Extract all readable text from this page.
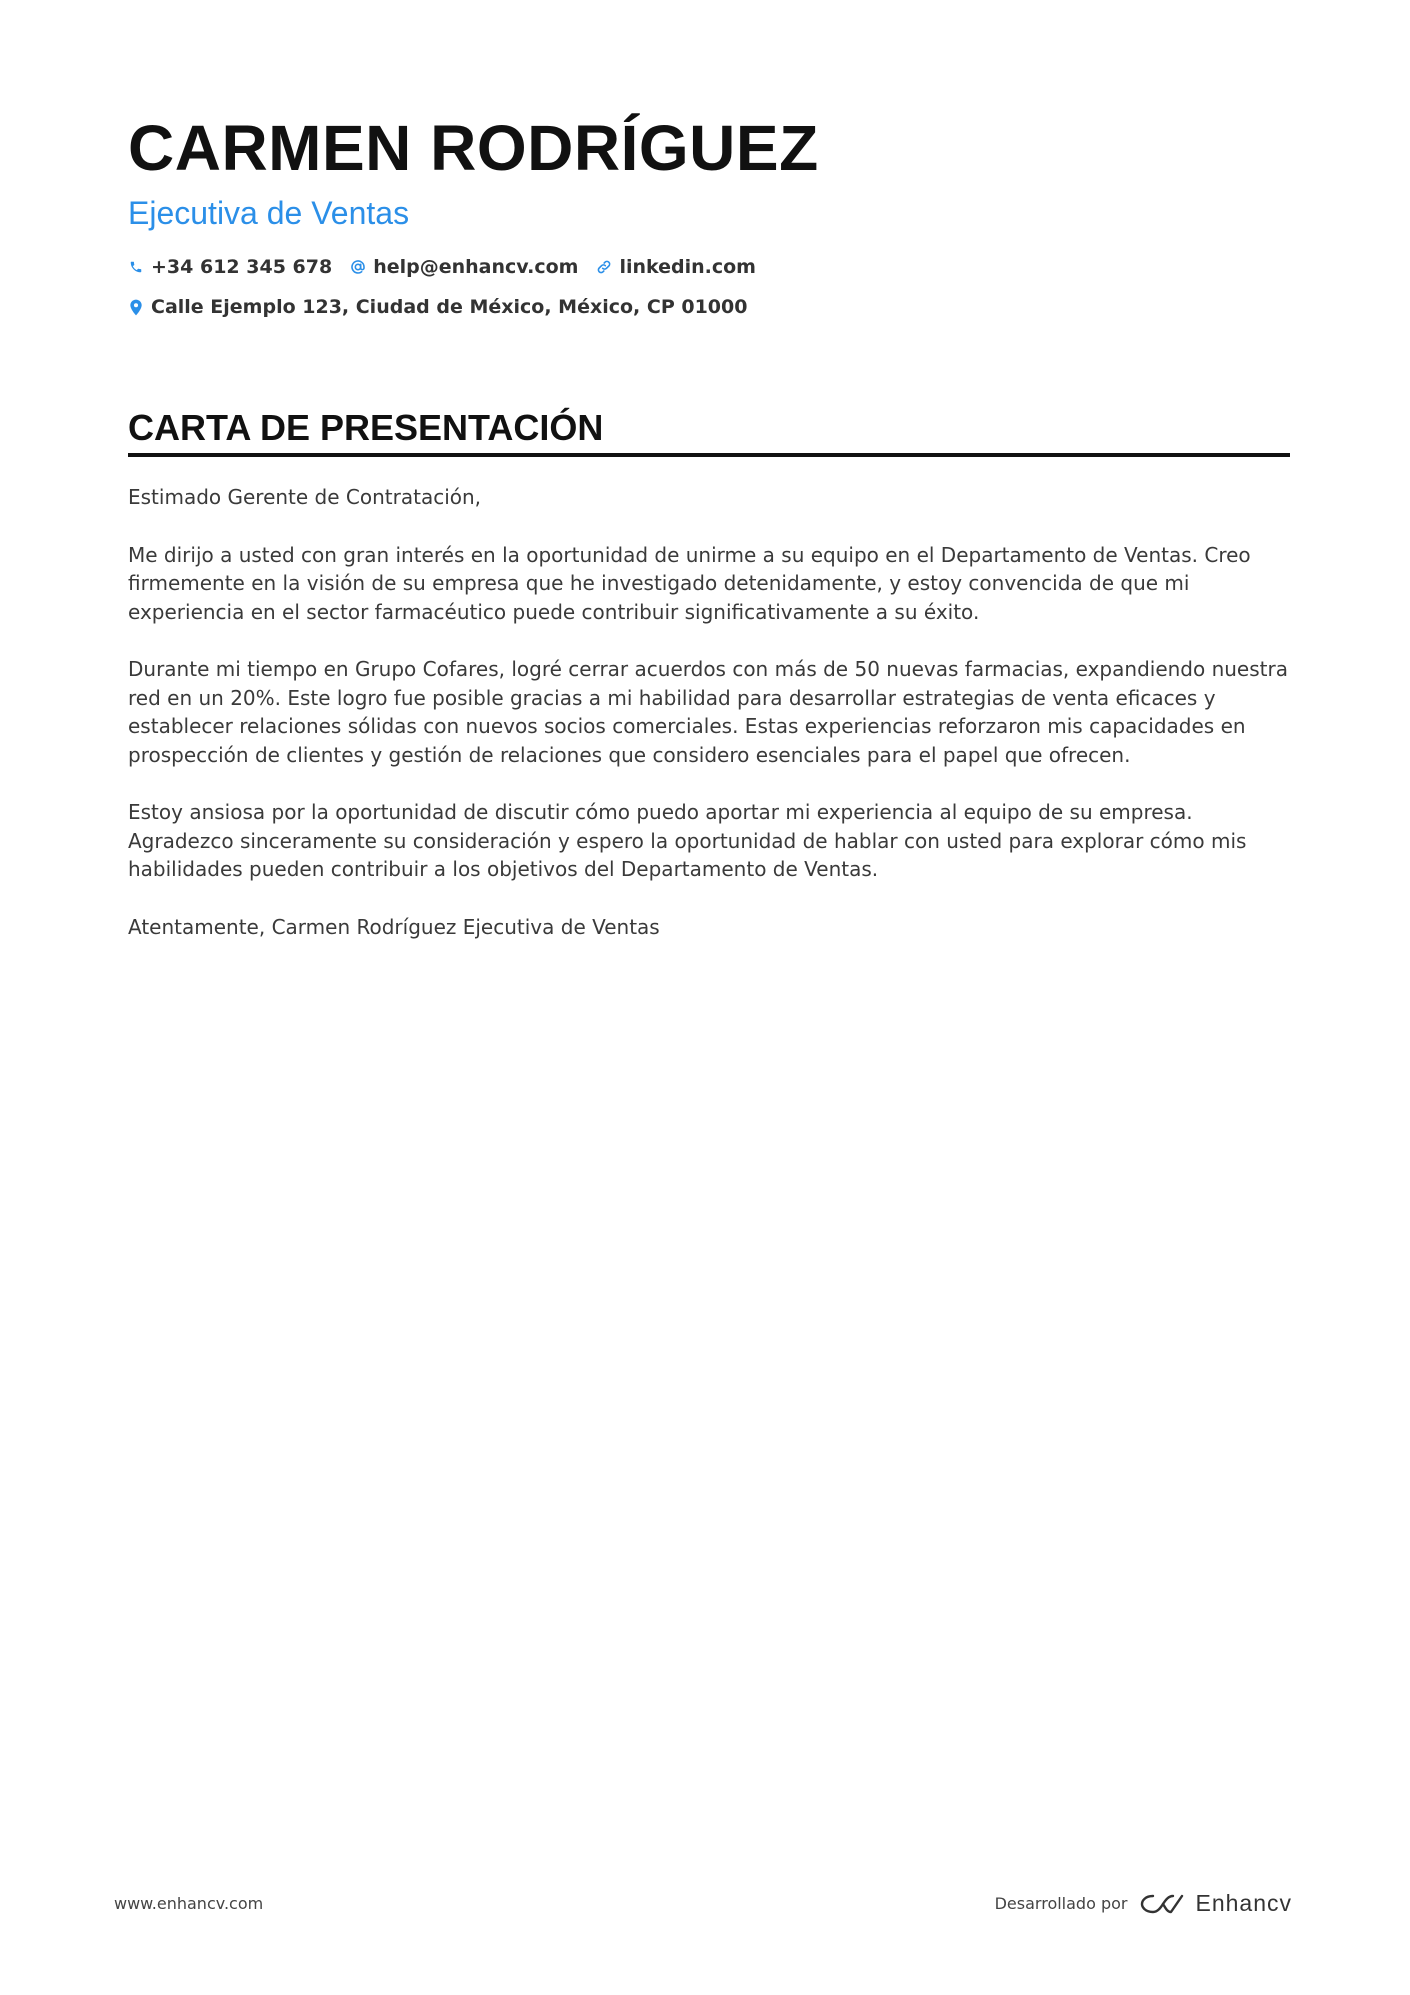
CARMEN RODRÍGUEZ
Ejecutiva de Ventas
+34 612 345 678 help@enhancv.com linkedin.com
Calle Ejemplo 123, Ciudad de México, México, CP 01000
CARTA DE PRESENTACIÓN

Estimado Gerente de Contratación,

Me dirijo a usted con gran interés en la oportunidad de unirme a su equipo en el Departamento de Ventas. Creo firmemente en la visión de su empresa que he investigado detenidamente, y estoy convencida de que mi experiencia en el sector farmacéutico puede contribuir significativamente a su éxito.

Durante mi tiempo en Grupo Cofares, logré cerrar acuerdos con más de 50 nuevas farmacias, expandiendo nuestra red en un 20%. Este logro fue posible gracias a mi habilidad para desarrollar estrategias de venta eficaces y establecer relaciones sólidas con nuevos socios comerciales. Estas experiencias reforzaron mis capacidades en prospección de clientes y gestión de relaciones que considero esenciales para el papel que ofrecen.

Estoy ansiosa por la oportunidad de discutir cómo puedo aportar mi experiencia al equipo de su empresa. Agradezco sinceramente su consideración y espero la oportunidad de hablar con usted para explorar cómo mis habilidades pueden contribuir a los objetivos del Departamento de Ventas.

Atentamente, Carmen Rodríguez Ejecutiva de Ventas

www.enhancv.com	Desarrollado por	Enhancv
